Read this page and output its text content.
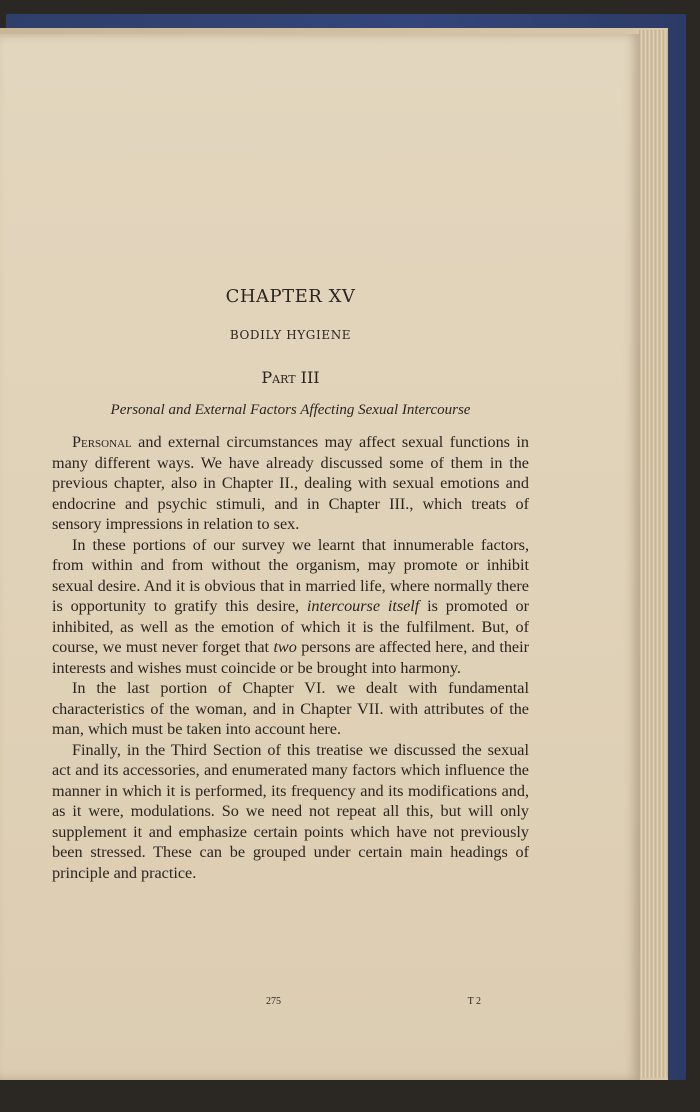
CHAPTER XV
BODILY HYGIENE
Part III
Personal and External Factors Affecting Sexual Intercourse

Personal and external circumstances may affect sexual functions in many different ways. We have already discussed some of them in the previous chapter, also in Chapter II., dealing with sexual emotions and endocrine and psychic stimuli, and in Chapter III., which treats of sensory impressions in relation to sex.

In these portions of our survey we learnt that innumerable factors, from within and from without the organism, may promote or inhibit sexual desire. And it is obvious that in married life, where normally there is opportunity to gratify this desire, intercourse itself is promoted or inhibited, as well as the emotion of which it is the fulfilment. But, of course, we must never forget that two persons are affected here, and their interests and wishes must coincide or be brought into harmony.

In the last portion of Chapter VI. we dealt with fundamental characteristics of the woman, and in Chapter VII. with attributes of the man, which must be taken into account here.

Finally, in the Third Section of this treatise we discussed the sexual act and its accessories, and enumerated many factors which influence the manner in which it is performed, its frequency and its modifications and, as it were, modulations. So we need not repeat all this, but will only supplement it and emphasize certain points which have not previously been stressed. These can be grouped under certain main headings of principle and practice.

275	T 2
